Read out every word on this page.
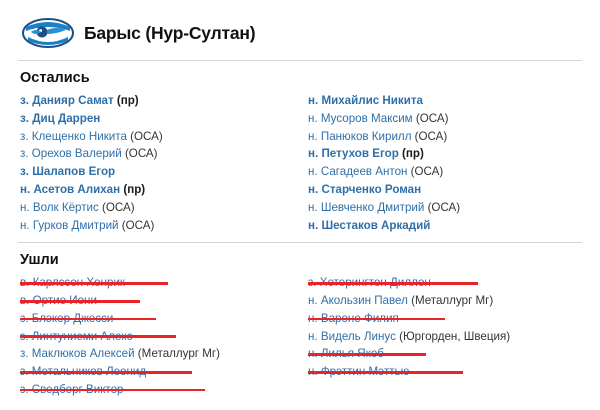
Барыс (Нур-Султан)
Остались
з. Данияр Самат (пр)
з. Диц Даррен
з. Клещенко Никита (ОСА)
з. Орехов Валерий (ОСА)
з. Шалапов Егор
н. Асетов Алихан (пр)
н. Волк Кёртис (ОСА)
н. Гурков Дмитрий (ОСА)
н. Михайлис Никита
н. Мусоров Максим (ОСА)
н. Панюков Кирилл (ОСА)
н. Петухов Егор (пр)
н. Сагадеев Антон (ОСА)
н. Старченко Роман
н. Шевченко Дмитрий (ОСА)
н. Шестаков Аркадий
Ушли
з. Маклюков Алексей (Металлург Мг)
н. Акользин Павел (Металлург Мг)
н. Видель Линус (Юргорден, Швеция)
